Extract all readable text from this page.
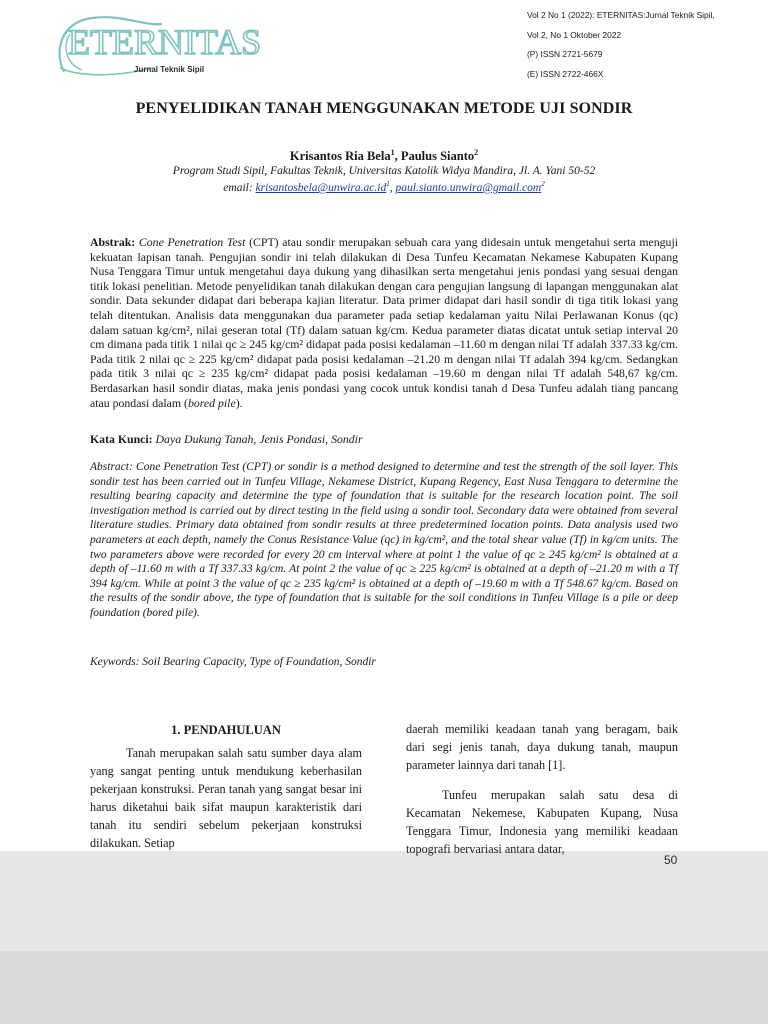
ETERNITAS
Jurnal Teknik Sipil
Vol 2 No 1 (2022): ETERNITAS:Jurnal Teknik Sipil,
Vol 2, No 1 Oktober 2022
(P) ISSN 2721-5679
(E) ISSN 2722-466X
PENYELIDIKAN TANAH MENGGUNAKAN METODE UJI SONDIR
Krisantos Ria Bela$^1$, Paulus Sianto$^2$
Program Studi Sipil, Fakultas Teknik, Universitas Katolik Widya Mandira, Jl. A. Yani 50-52
email: $krisantosbela@unwira.ac.id^1$, paul.sianto.unwira@gmail.com$^2$

Abstrak: Cone Penetration Test (CPT) atau sondir merupakan sebuah cara yang didesain untuk mengetahui serta menguji kekuatan lapisan tanah. Pengujian sondir ini telah dilakukan di Desa Tunfeu Kecamatan Nekamese Kabupaten Kupang Nusa Tenggara Timur untuk mengetahui daya dukung yang dihasilkan serta mengetahui jenis pondasi yang sesuai dengan titik lokasi penelitian. Metode penyelidikan tanah dilakukan dengan cara pengujian langsung di lapangan menggunakan alat sondir. Data sekunder didapat dari beberapa kajian literatur. Data primer didapat dari hasil sondir di tiga titik lokasi yang telah ditentukan. Analisis data menggunakan dua parameter pada setiap kedalaman yaitu Nilai Perlawanan Konus (qc) dalam satuan kg/cm², nilai geseran total (Tf) dalam satuan kg/cm. Kedua parameter diatas dicatat untuk setiap interval 20 cm dimana pada titik 1 nilai qc ≥ 245 kg/cm² didapat pada posisi kedalaman –11.60 m dengan nilai Tf adalah 337.33 kg/cm. Pada titik 2 nilai qc ≥ 225 kg/cm² didapat pada posisi kedalaman –21.20 m dengan nilai Tf adalah 394 kg/cm. Sedangkan pada titik 3 nilai qc ≥ 235 kg/cm² didapat pada posisi kedalaman –19.60 m dengan nilai Tf adalah 548,67 kg/cm. Berdasarkan hasil sondir diatas, maka jenis pondasi yang cocok untuk kondisi tanah d Desa Tunfeu adalah tiang pancang atau pondasi dalam (bored pile).

Kata Kunci: Daya Dukung Tanah, Jenis Pondasi, Sondir

Abstract: Cone Penetration Test (CPT) or sondir is a method designed to determine and test the strength of the soil layer. This sondir test has been carried out in Tunfeu Village, Nekamese District, Kupang Regency, East Nusa Tenggara to determine the resulting bearing capacity and determine the type of foundation that is suitable for the research location point. The soil investigation method is carried out by direct testing in the field using a sondir tool. Secondary data were obtained from several literature studies. Primary data obtained from sondir results at three predetermined location points. Data analysis used two parameters at each depth, namely the Conus Resistance Value (qc) in kg/cm², and the total shear value (Tf) in kg/cm units. The two parameters above were recorded for every 20 cm interval where at point 1 the value of qc ≥ 245 kg/cm² is obtained at a depth of –11.60 m with a Tf 337.33 kg/cm. At point 2 the value of qc ≥ 225 kg/cm² is obtained at a depth of –21.20 m with a Tf 394 kg/cm. While at point 3 the value of qc ≥ 235 kg/cm² is obtained at a depth of –19.60 m with a Tf 548.67 kg/cm. Based on the results of the sondir above, the type of foundation that is suitable for the soil conditions in Tunfeu Village is a pile or deep foundation (bored pile).

Keywords: Soil Bearing Capacity, Type of Foundation, Sondir

1. PENDAHULUAN

Tanah merupakan salah satu sumber daya alam yang sangat penting untuk mendukung keberhasilan pekerjaan konstruksi. Peran tanah yang sangat besar ini harus diketahui baik sifat maupun karakteristik dari tanah itu sendiri sebelum pekerjaan konstruksi dilakukan. Setiap

daerah memiliki keadaan tanah yang beragam, baik dari segi jenis tanah, daya dukung tanah, maupun parameter lainnya dari tanah [1].

Tunfeu merupakan salah satu desa di Kecamatan Nekemese, Kabupaten Kupang, Nusa Tenggara Timur, Indonesia yang memiliki keadaan topografi bervariasi antara datar,

50
